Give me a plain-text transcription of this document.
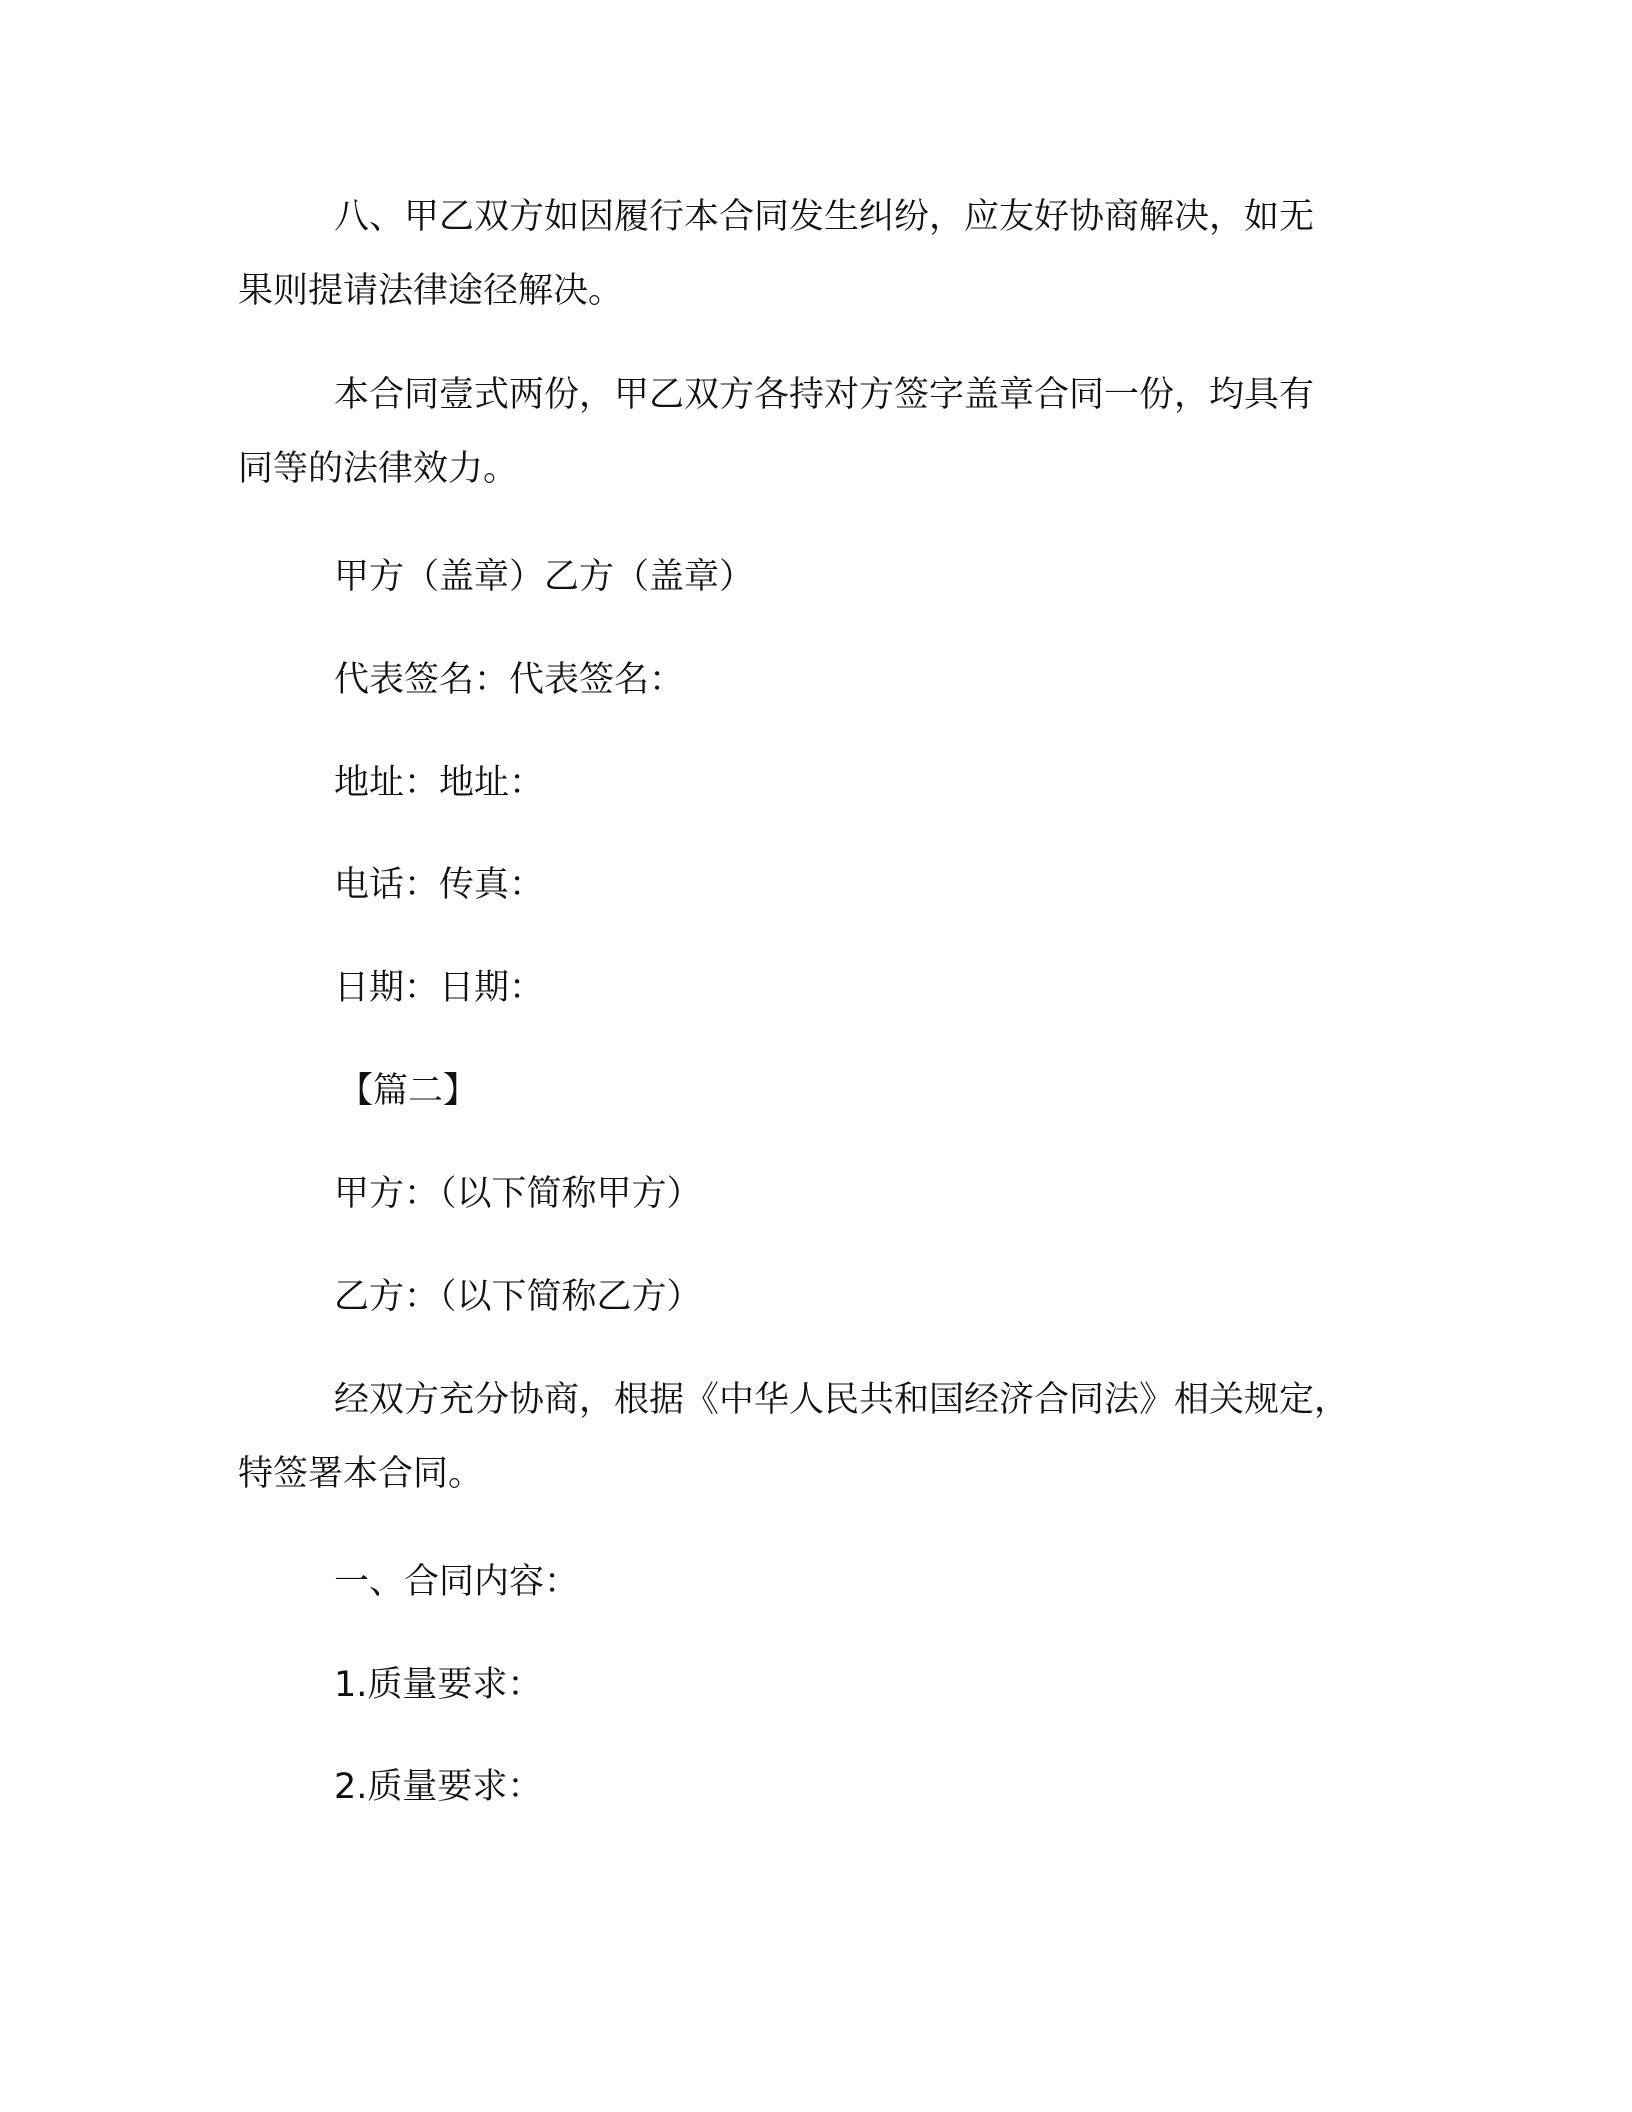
八、甲乙双方如因履行本合同发生纠纷，应友好协商解决，如无
果则提请法律途径解决。

本合同壹式两份，甲乙双方各持对方签字盖章合同一份，均具有
同等的法律效力。

甲方（盖章）乙方（盖章）

代表签名：代表签名：

地址：地址：

电话：传真：

日期：日期：

【篇二】

甲方：（以下简称甲方）

乙方：（以下简称乙方）

经双方充分协商，根据《中华人民共和国经济合同法》相关规定，
特签署本合同。

一、合同内容：

1.质量要求：

2.质量要求：
